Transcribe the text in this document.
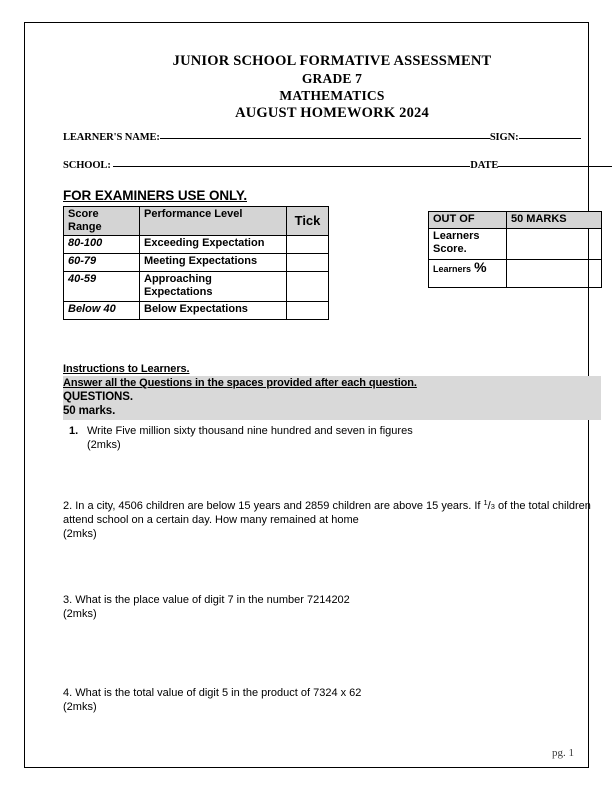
JUNIOR SCHOOL FORMATIVE ASSESSMENT
GRADE 7
MATHEMATICS
AUGUST HOMEWORK 2024
LEARNER'S NAME:	SIGN:
SCHOOL:	DATE
FOR EXAMINERS USE ONLY.
Score
Range	Performance Level	Tick
80-100	Exceeding Expectation	
60-79	Meeting Expectations	
40-59	Approaching
Expectations	
Below 40	Below Expectations	
OUT OF	50 MARKS
Learners
Score.	
Learners %	
Instructions to Learners.
Answer all the Questions in the spaces provided after each question.
QUESTIONS.
50 marks.
1. Write Five million sixty thousand nine hundred and seven in figures
(2mks)
2. In a city, 4506 children are below 15 years and 2859 children are above 15 years. If $^1$/3 of the total children attend school on a certain day. How many remained at home
(2mks)
3. What is the place value of digit 7 in the number 7214202
(2mks)
4. What is the total value of digit 5 in the product of 7324 x 62
(2mks)
pg. 1
